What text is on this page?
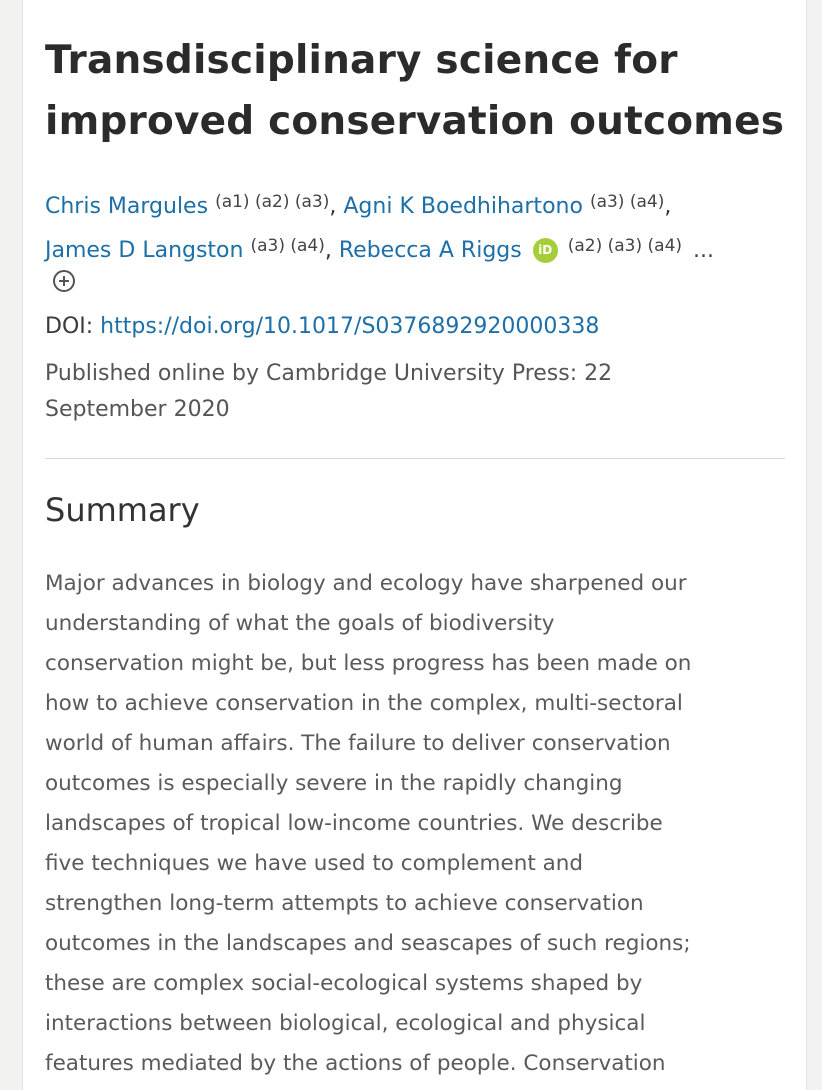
Transdisciplinary science for
improved conservation outcomes
Chris Margules $^{(a1) (a2) (a3)}$, Agni K Boedhihartono $^{(a3) (a4)}$,
James D Langston $^{(a3) (a4)}$, Rebecca A Riggs iD $^{(a2) (a3) (a4)}$ ...
DOI: https://doi.org/10.1017/S0376892920000338
Published online by Cambridge University Press: 22
September 2020
Summary

Major advances in biology and ecology have sharpened our
understanding of what the goals of biodiversity
conservation might be, but less progress has been made on
how to achieve conservation in the complex, multi-sectoral
world of human affairs. The failure to deliver conservation
outcomes is especially severe in the rapidly changing
landscapes of tropical low-income countries. We describe
five techniques we have used to complement and
strengthen long-term attempts to achieve conservation
outcomes in the landscapes and seascapes of such regions;
these are complex social-ecological systems shaped by
interactions between biological, ecological and physical
features mediated by the actions of people. Conservation
